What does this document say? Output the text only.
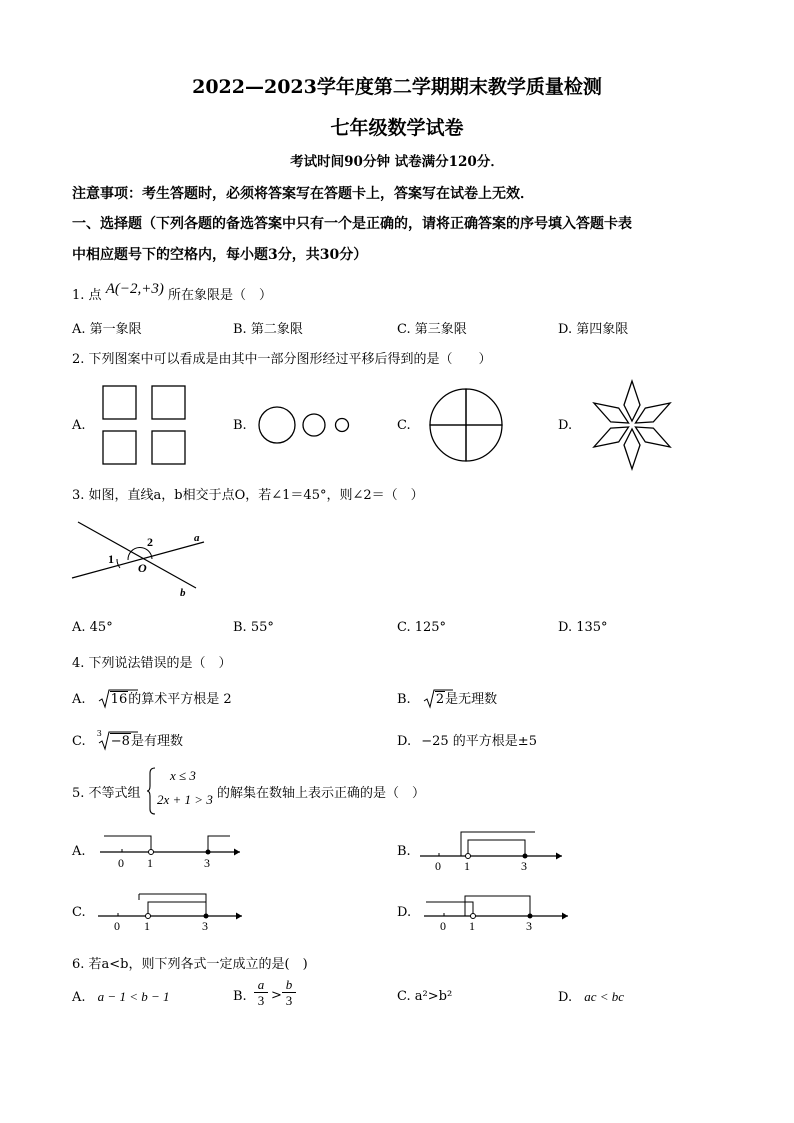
2022—2023学年度第二学期期末教学质量检测
七年级数学试卷
考试时间90分钟 试卷满分120分．
注意事项：考生答题时，必须将答案写在答题卡上，答案写在试卷上无效．
一、选择题（下列各题的备选答案中只有一个是正确的，请将正确答案的序号填入答题卡表
中相应题号下的空格内，每小题3分，共30分）
1. 点 A(−2,+3) 所在象限是（　）
A. 第一象限	B. 第二象限	C. 第三象限	D. 第四象限
2. 下列图案中可以看成是由其中一部分图形经过平移后得到的是（　　）
A.	B.	C.	D.
3. 如图，直线a，b相交于点O，若∠1＝45°，则∠2＝（　）
1
2
O
a
b
A. 45°	B. 55°	C. 125°	D. 135°
4. 下列说法错误的是（　）
A. 16的算术平方根是 2	B. 2是无理数
C.
3
−8是有理数	D. −25 的平方根是±5
5. 不等式组
x ≤ 3
2x + 1 > 3 的解集在数轴上表示正确的是（　）
A.	B.
C.	D.
0 1	3	0 1	3
0 1	3	0 1	3
6. 若a<b，则下列各式一定成立的是(　)
A. a − 1 < b − 1	B.
a
3 >
b
3	C. a²>b²	D. ac < bc
